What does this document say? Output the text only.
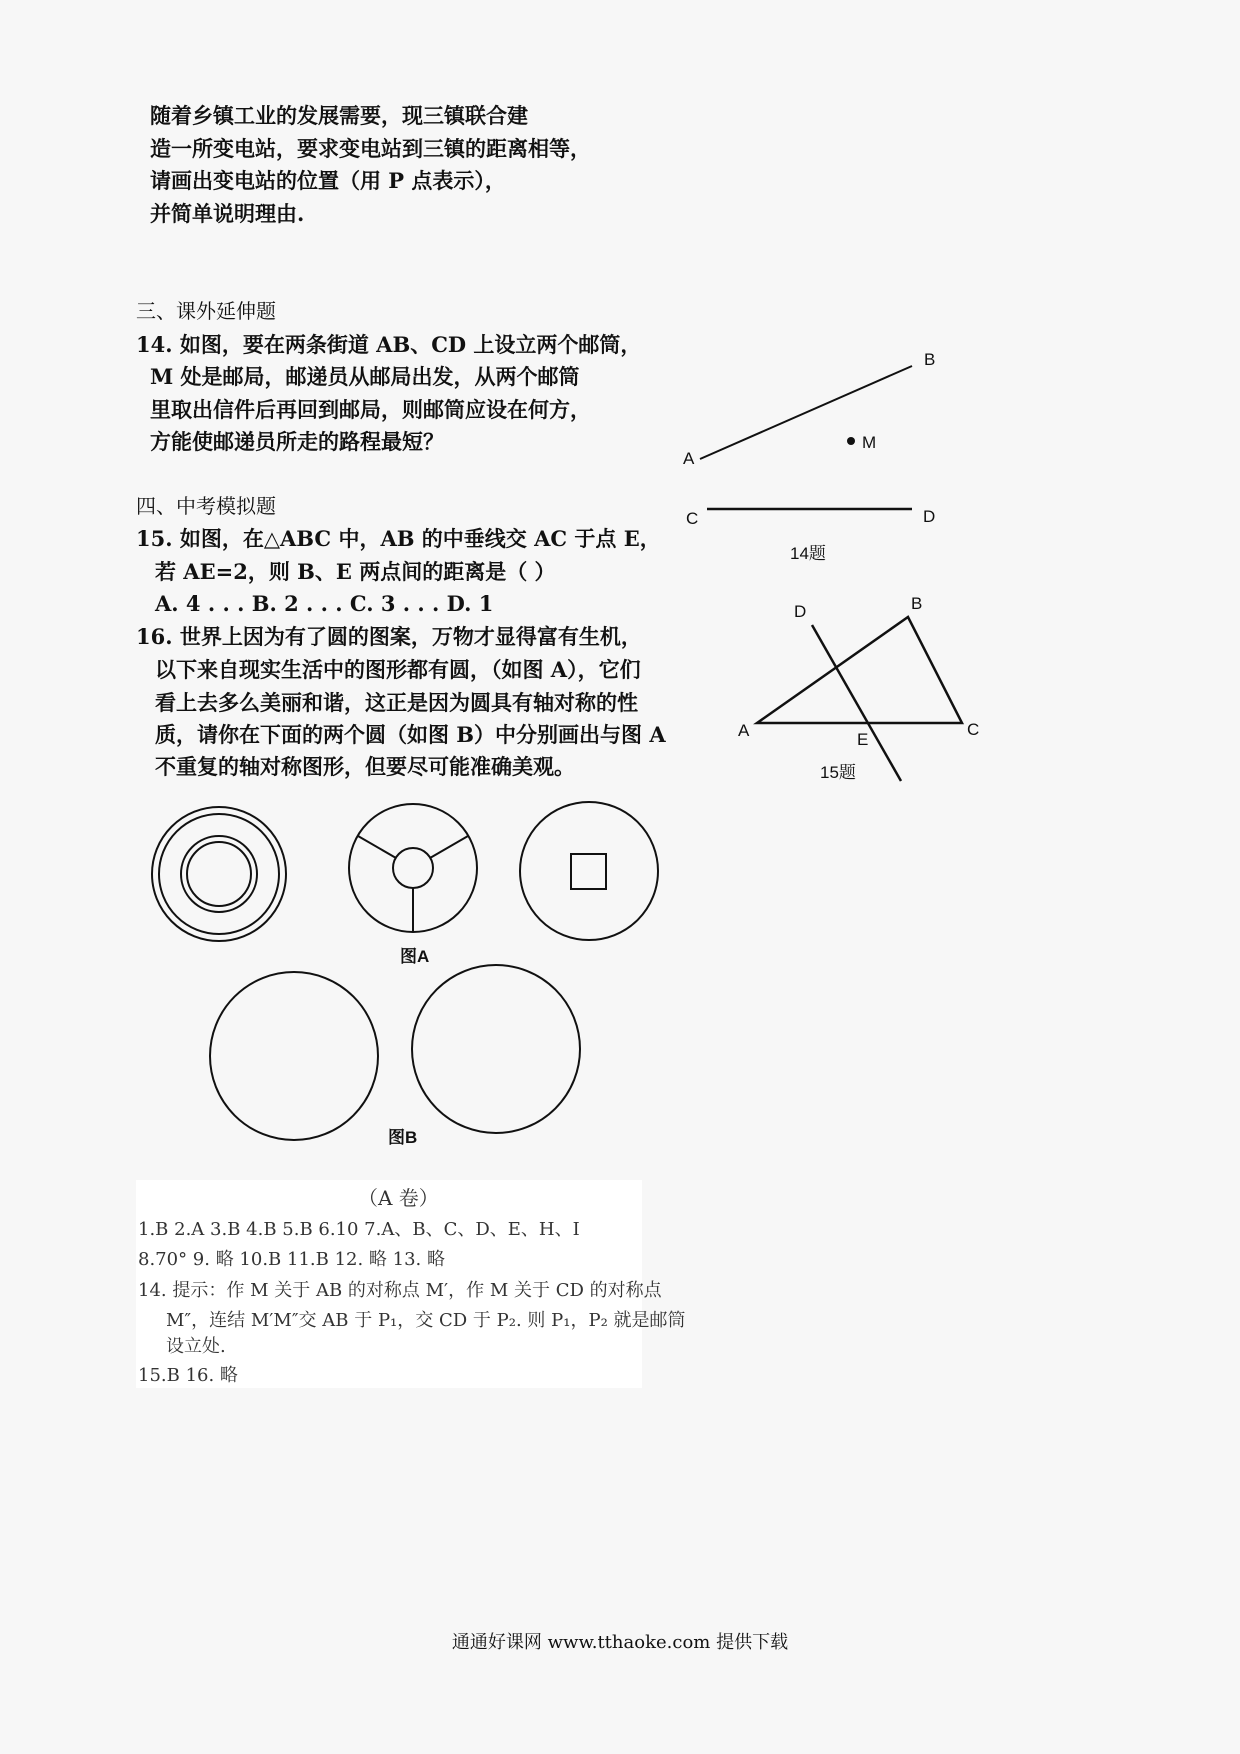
随着乡镇工业的发展需要，现三镇联合建
造一所变电站，要求变电站到三镇的距离相等，
请画出变电站的位置（用 P 点表示），
并简单说明理由.
三、课外延伸题
14. 如图，要在两条街道 AB、CD 上设立两个邮筒，
M 处是邮局，邮递员从邮局出发，从两个邮筒
里取出信件后再回到邮局，则邮筒应设在何方，
方能使邮递员所走的路程最短？
四、中考模拟题
15. 如图，在△ABC 中，AB 的中垂线交 AC 于点 E，
若 AE=2，则 B、E 两点间的距离是（ ）
A. 4 . . . B. 2 . . . C. 3 . . . D. 1
16. 世界上因为有了圆的图案，万物才显得富有生机，
以下来自现实生活中的图形都有圆，（如图 A），它们
看上去多么美丽和谐，这正是因为圆具有轴对称的性
质，请你在下面的两个圆（如图 B）中分别画出与图 A
不重复的轴对称图形，但要尽可能准确美观。
A
B
C	D
M
14题
D	B
A	C
E
15题
图A
图B
（A 卷）
1.B 2.A 3.B 4.B 5.B 6.10 7.A、B、C、D、E、H、I
8.70° 9. 略 10.B 11.B 12. 略 13. 略
14. 提示：作 M 关于 AB 的对称点 M′，作 M 关于 CD 的对称点
M″，连结 M′M″交 AB 于 P₁，交 CD 于 P₂. 则 P₁，P₂ 就是邮筒
设立处.
15.B 16. 略
通通好课网 www.tthaoke.com 提供下载
